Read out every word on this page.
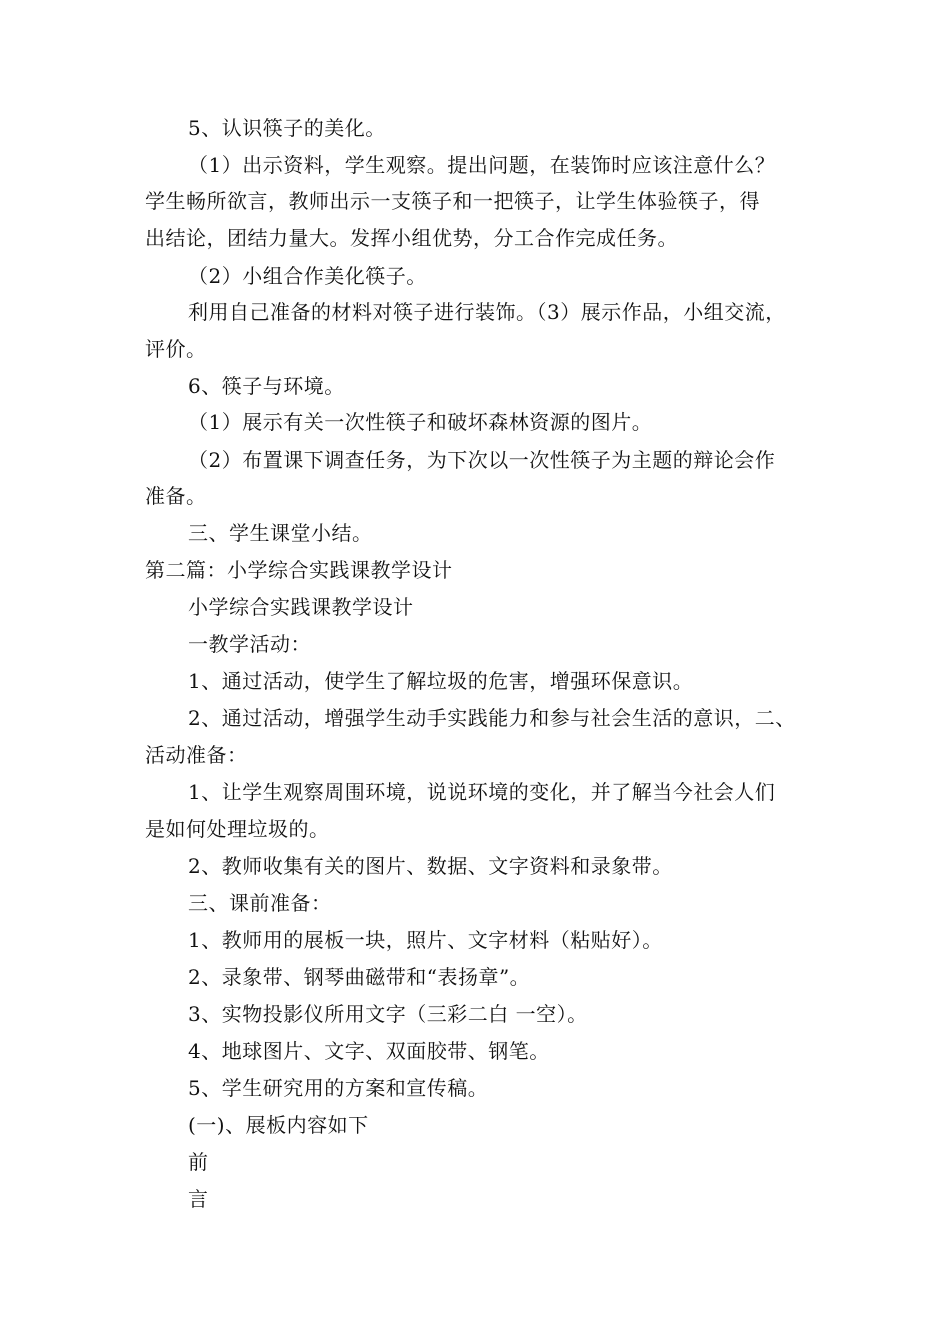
5、认识筷子的美化。
（1）出示资料，学生观察。提出问题，在装饰时应该注意什么？
学生畅所欲言，教师出示一支筷子和一把筷子，让学生体验筷子，得
出结论，团结力量大。发挥小组优势，分工合作完成任务。
（2）小组合作美化筷子。
利用自己准备的材料对筷子进行装饰。（3）展示作品，小组交流，
评价。
6、筷子与环境。
（1）展示有关一次性筷子和破坏森林资源的图片。
（2）布置课下调查任务，为下次以一次性筷子为主题的辩论会作
准备。
三、学生课堂小结。
第二篇：小学综合实践课教学设计
小学综合实践课教学设计
一教学活动：
1、通过活动，使学生了解垃圾的危害，增强环保意识。
2、通过活动，增强学生动手实践能力和参与社会生活的意识，二、
活动准备：
1、让学生观察周围环境，说说环境的变化，并了解当今社会人们
是如何处理垃圾的。
2、教师收集有关的图片、数据、文字资料和录象带。
三、课前准备：
1、教师用的展板一块，照片、文字材料（粘贴好）。
2、录象带、钢琴曲磁带和“表扬章”。
3、实物投影仪所用文字（三彩二白 一空）。
4、地球图片、文字、双面胶带、钢笔。
5、学生研究用的方案和宣传稿。
(一)、展板内容如下
前
言
